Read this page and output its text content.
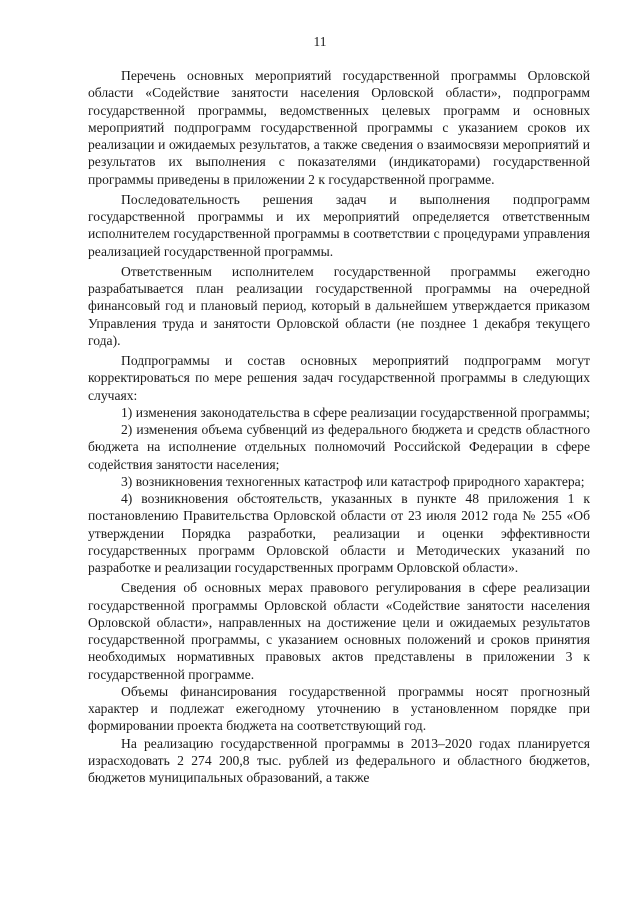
11

Перечень основных мероприятий государственной программы Орловской области «Содействие занятости населения Орловской области», подпрограмм государственной программы, ведомственных целевых программ и основных мероприятий подпрограмм государственной программы с указанием сроков их реализации и ожидаемых результатов, а также сведения о взаимосвязи мероприятий и результатов их выполнения с показателями (индикаторами) государственной программы приведены в приложении 2 к государственной программе.

Последовательность решения задач и выполнения подпрограмм государственной программы и их мероприятий определяется ответственным исполнителем государственной программы в соответствии с процедурами управления реализацией государственной программы.

Ответственным исполнителем государственной программы ежегодно разрабатывается план реализации государственной программы на очередной финансовый год и плановый период, который в дальнейшем утверждается приказом Управления труда и занятости Орловской области (не позднее 1 декабря текущего года).

Подпрограммы и состав основных мероприятий подпрограмм могут корректироваться по мере решения задач государственной программы в следующих случаях:

1) изменения законодательства в сфере реализации государственной программы;

2) изменения объема субвенций из федерального бюджета и средств областного бюджета на исполнение отдельных полномочий Российской Федерации в сфере содействия занятости населения;

3) возникновения техногенных катастроф или катастроф природного характера;

4) возникновения обстоятельств, указанных в пункте 48 приложения 1 к постановлению Правительства Орловской области от 23 июля 2012 года № 255 «Об утверждении Порядка разработки, реализации и оценки эффективности государственных программ Орловской области и Методических указаний по разработке и реализации государственных программ Орловской области».

Сведения об основных мерах правового регулирования в сфере реализации государственной программы Орловской области «Содействие занятости населения Орловской области», направленных на достижение цели и ожидаемых результатов государственной программы, с указанием основных положений и сроков принятия необходимых нормативных правовых актов представлены в приложении 3 к государственной программе.

Объемы финансирования государственной программы носят прогнозный характер и подлежат ежегодному уточнению в установленном порядке при формировании проекта бюджета на соответствующий год.

На реализацию государственной программы в 2013–2020 годах планируется израсходовать 2 274 200,8 тыс. рублей из федерального и областного бюджетов, бюджетов муниципальных образований, а также
